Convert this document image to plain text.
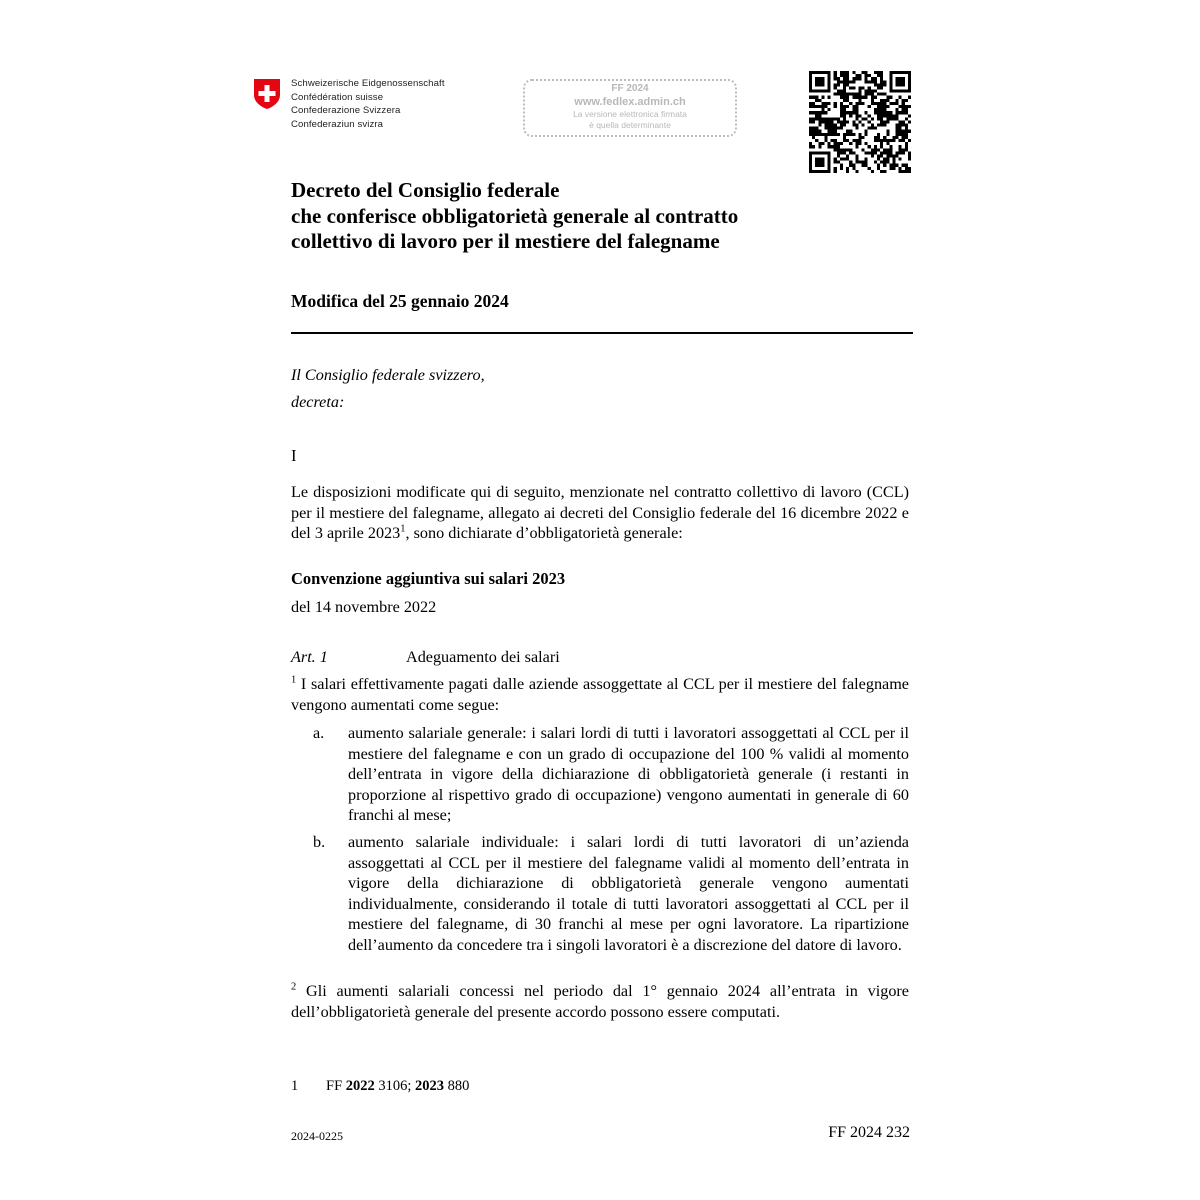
Schweizerische Eidgenossenschaft
Confédération suisse
Confederazione Svizzera
Confederaziun svizra
FF 2024
www.fedlex.admin.ch
La versione elettronica firmata
è quella determinante
Decreto del Consiglio federale
che conferisce obbligatorietà generale al contratto
collettivo di lavoro per il mestiere del falegname
Modifica del 25 gennaio 2024
Il Consiglio federale svizzero,
decreta:
I
Le disposizioni modificate qui di seguito, menzionate nel contratto collettivo di lavoro (CCL) per il mestiere del falegname, allegato ai decreti del Consiglio federale del 16 dicembre 2022 e del 3 aprile 2023$^1$, sono dichiarate d’obbligatorietà generale:
Convenzione aggiuntiva sui salari 2023
del 14 novembre 2022
Art. 1	Adeguamento dei salari
$^1$ I salari effettivamente pagati dalle aziende assoggettate al CCL per il mestiere del falegname vengono aumentati come segue:
a. aumento salariale generale: i salari lordi di tutti i lavoratori assoggettati al CCL per il mestiere del falegname e con un grado di occupazione del 100 % validi al momento dell’entrata in vigore della dichiarazione di obbligatorietà generale (i restanti in proporzione al rispettivo grado di occupazione) vengono aumentati in generale di 60 franchi al mese;
b. aumento salariale individuale: i salari lordi di tutti lavoratori di un’azienda assoggettati al CCL per il mestiere del falegname validi al momento dell’entrata in vigore della dichiarazione di obbligatorietà generale vengono aumentati individualmente, considerando il totale di tutti lavoratori assoggettati al CCL per il mestiere del falegname, di 30 franchi al mese per ogni lavoratore. La ripartizione dell’aumento da concedere tra i singoli lavoratori è a discrezione del datore di lavoro.
$^2$ Gli aumenti salariali concessi nel periodo dal 1° gennaio 2024 all’entrata in vigore dell’obbligatorietà generale del presente accordo possono essere computati.
1 FF 2022 3106; 2023 880
2024-0225	FF 2024 232
